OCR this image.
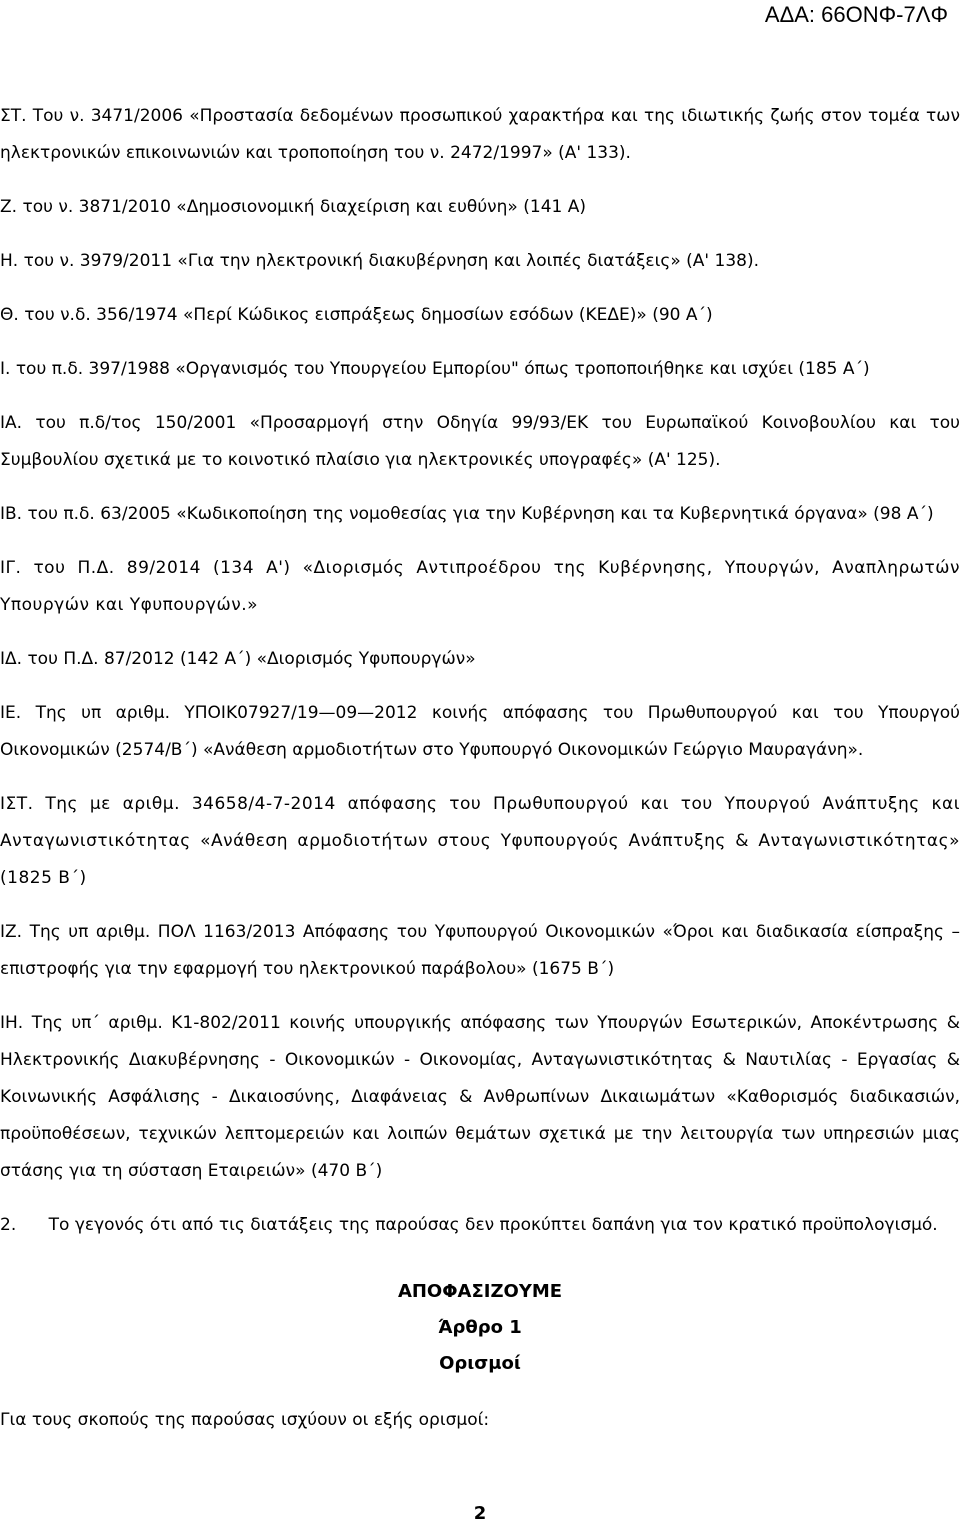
ΑΔΑ: 66ΟΝΦ-7ΛΦ

ΣΤ. Του ν. 3471/2006 «Προστασία δεδομένων προσωπικού χαρακτήρα και της ιδιωτικής ζωής στον τομέα των ηλεκτρονικών επικοινωνιών και τροποποίηση του ν. 2472/1997» (Α' 133).

Ζ. του ν. 3871/2010 «Δημοσιονομική διαχείριση και ευθύνη» (141 Α)

Η. του ν. 3979/2011 «Για την ηλεκτρονική διακυβέρνηση και λοιπές διατάξεις» (Α' 138).

Θ. του ν.δ. 356/1974 «Περί Κώδικος εισπράξεως δημοσίων εσόδων (ΚΕΔΕ)» (90 Α΄)

Ι. του π.δ. 397/1988 «Οργανισμός του Υπουργείου Εμπορίου" όπως τροποποιήθηκε και ισχύει (185 Α΄)

ΙΑ. του π.δ/τος 150/2001 «Προσαρμογή στην Οδηγία 99/93/ΕΚ του Ευρωπαϊκού Κοινοβουλίου και του Συμβουλίου σχετικά με το κοινοτικό πλαίσιο για ηλεκτρονικές υπογραφές» (Α' 125).

ΙΒ. του π.δ. 63/2005 «Κωδικοποίηση της νομοθεσίας για την Κυβέρνηση και τα Κυβερνητικά όργανα» (98 Α΄)

ΙΓ. του Π.Δ. 89/2014 (134 Α') «Διορισμός Αντιπροέδρου της Κυβέρνησης, Υπουργών, Αναπληρωτών Υπουργών και Υφυπουργών.»

ΙΔ. του Π.Δ. 87/2012 (142 Α΄) «Διορισμός Υφυπουργών»

ΙΕ. Της υπ αριθμ. ΥΠΟΙΚ07927/19—09—2012 κοινής απόφασης του Πρωθυπουργού και του Υπουργού Οικονομικών (2574/Β΄) «Ανάθεση αρμοδιοτήτων στο Υφυπουργό Οικονομικών Γεώργιο Μαυραγάνη».

ΙΣΤ. Της με αριθμ. 34658/4-7-2014 απόφασης του Πρωθυπουργού και του Υπουργού Ανάπτυξης και Ανταγωνιστικότητας «Ανάθεση αρμοδιοτήτων στους Υφυπουργούς Ανάπτυξης & Ανταγωνιστικότητας» (1825 Β΄)

ΙΖ. Της υπ αριθμ. ΠΟΛ 1163/2013 Απόφασης του Υφυπουργού Οικονομικών «Όροι και διαδικασία είσπραξης – επιστροφής για την εφαρμογή του ηλεκτρονικού παράβολου» (1675 Β΄)

ΙΗ. Της υπ΄ αριθμ. Κ1-802/2011 κοινής υπουργικής απόφασης των Υπουργών Εσωτερικών, Αποκέντρωσης & Ηλεκτρονικής Διακυβέρνησης - Οικονομικών - Οικονομίας, Ανταγωνιστικότητας & Ναυτιλίας - Εργασίας & Κοινωνικής Ασφάλισης - Δικαιοσύνης, Διαφάνειας & Ανθρωπίνων Δικαιωμάτων «Καθορισμός διαδικασιών, προϋποθέσεων, τεχνικών λεπτομερειών και λοιπών θεμάτων σχετικά με την λειτουργία των υπηρεσιών μιας στάσης για τη σύσταση Εταιρειών» (470 Β΄)

2.      Το γεγονός ότι από τις διατάξεις της παρούσας δεν προκύπτει δαπάνη για τον κρατικό προϋπολογισμό.

ΑΠΟΦΑΣΙΖΟΥΜΕ

Άρθρο 1

Ορισμοί

Για τους σκοπούς της παρούσας ισχύουν οι εξής ορισμοί:

2
